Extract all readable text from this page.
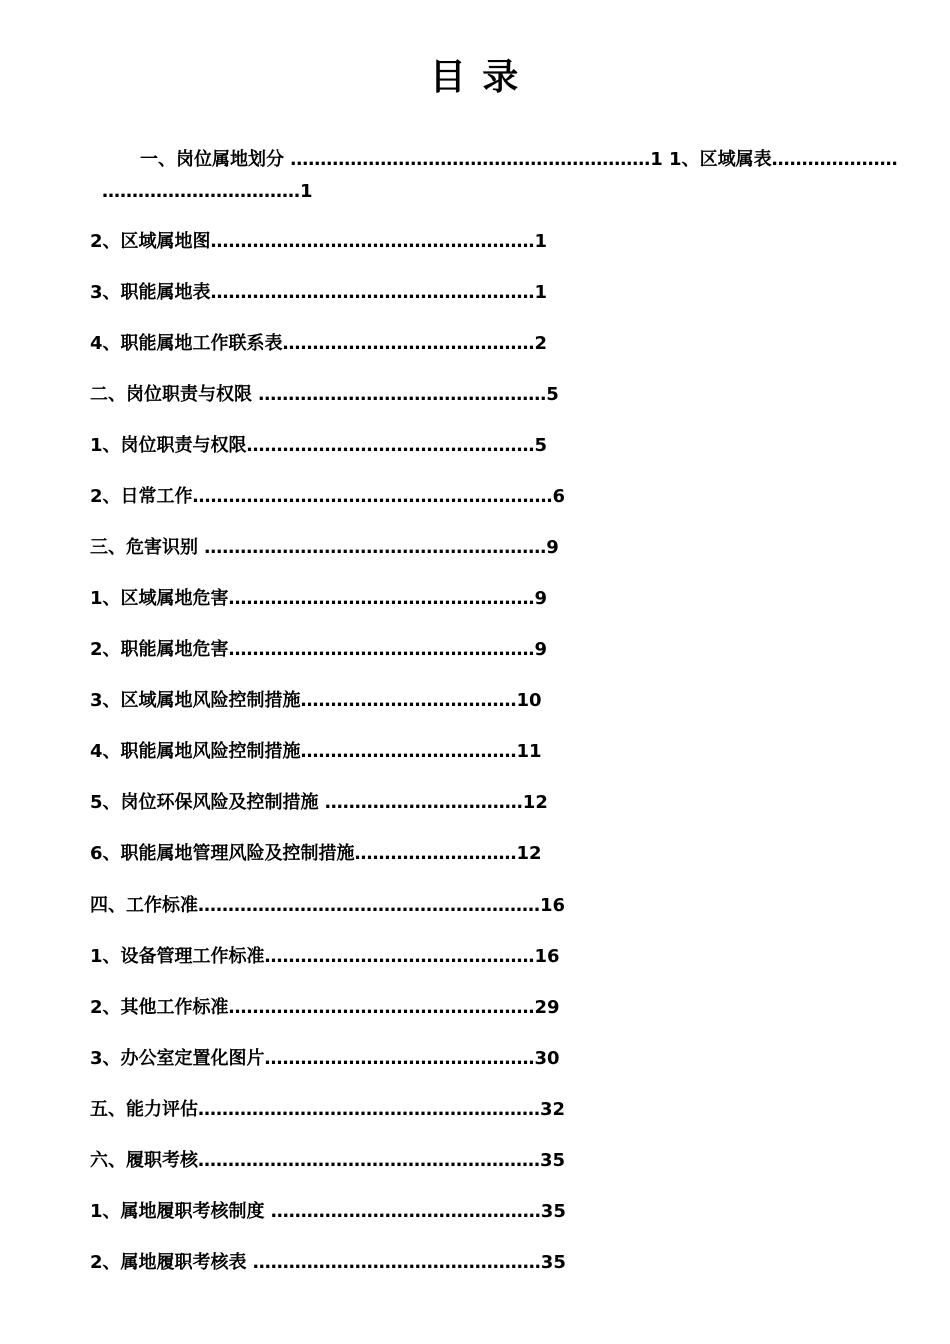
目 录
一、岗位属地划分 ……………………………………………………1 1、区域属表…………………
……………………………1
2、区域属地图………………………………………………1
3、职能属地表………………………………………………1
4、职能属地工作联系表……………………………………2
二、岗位职责与权限 …………………………………………5
1、岗位职责与权限…………………………………………5
2、日常工作……………………………………………………6
三、危害识别 …………………………………………………9
1、区域属地危害……………………………………………9
2、职能属地危害……………………………………………9
3、区域属地风险控制措施………………………………10
4、职能属地风险控制措施………………………………11
5、岗位环保风险及控制措施 ……………………………12
6、职能属地管理风险及控制措施………………………12
四、工作标准…………………………………………………16
1、设备管理工作标准………………………………………16
2、其他工作标准……………………………………………29
3、办公室定置化图片………………………………………30
五、能力评估…………………………………………………32
六、履职考核…………………………………………………35
1、属地履职考核制度 ………………………………………35
2、属地履职考核表 …………………………………………35
